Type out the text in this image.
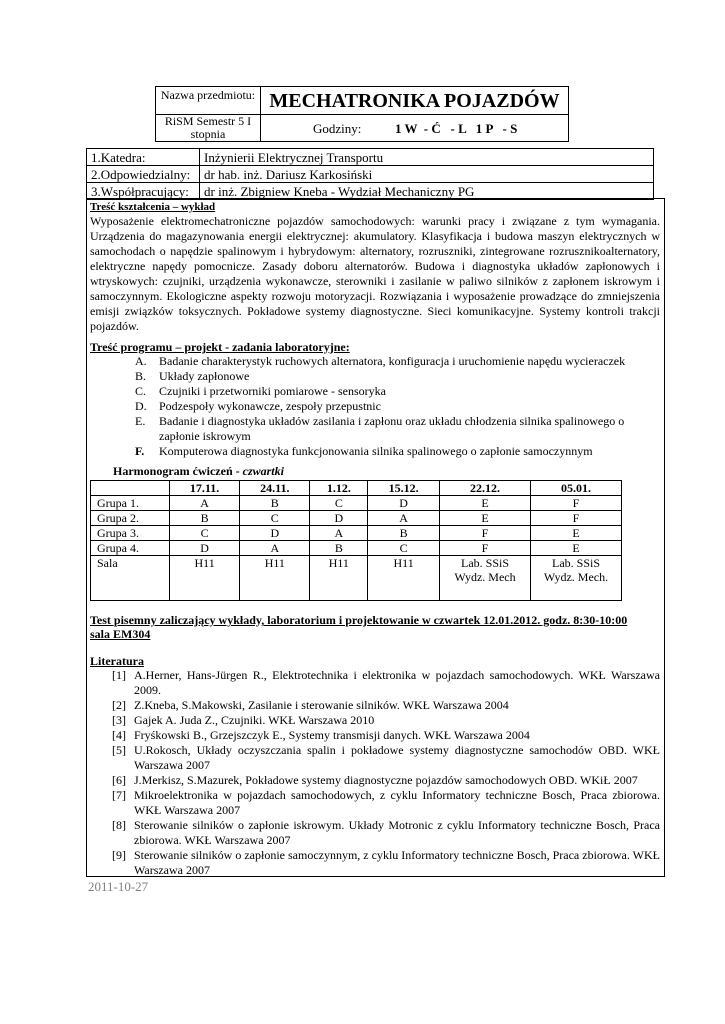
Nazwa przedmiotu: MECHATRONIKA POJAZDÓW
RiSM Semestr 5 I stopnia	Godziny:	1 W  - Ć   - L   1 P   - S
1.Katedra:	Inżynierii Elektrycznej Transportu
2.Odpowiedzialny:	dr hab. inż. Dariusz Karkosiński
3.Współpracujący:	dr inż. Zbigniew Kneba - Wydział Mechaniczny PG
Treść kształcenia – wykład
Wyposażenie elektromechatroniczne pojazdów samochodowych: warunki pracy i związane z tym wymagania. Urządzenia do magazynowania energii elektrycznej: akumulatory. Klasyfikacja i budowa maszyn elektrycznych w samochodach o napędzie spalinowym i hybrydowym: alternatory, rozruszniki, zintegrowane rozrusznikoalternatory, elektryczne napędy pomocnicze. Zasady doboru alternatorów. Budowa i diagnostyka układów zapłonowych i wtryskowych: czujniki, urządzenia wykonawcze, sterowniki i zasilanie w paliwo silników z zapłonem iskrowym i samoczynnym. Ekologiczne aspekty rozwoju motoryzacji. Rozwiązania i wyposażenie prowadzące do zmniejszenia emisji związków toksycznych. Pokładowe systemy diagnostyczne. Sieci komunikacyjne. Systemy kontroli trakcji pojazdów.
Treść programu – projekt - zadania laboratoryjne:
A.	Badanie charakterystyk ruchowych alternatora, konfiguracja i uruchomienie napędu wycieraczek
B.	Układy zapłonowe
C.	Czujniki i przetworniki pomiarowe - sensoryka
D.	Podzespoły wykonawcze, zespoły przepustnic
E.	Badanie i diagnostyka układów zasilania i zapłonu oraz układu chłodzenia silnika spalinowego o zapłonie iskrowym
F.	Komputerowa diagnostyka funkcjonowania silnika spalinowego o zapłonie samoczynnym
Harmonogram ćwiczeń - czwartki
	17.11.	24.11.	1.12.	15.12.	22.12.	05.01.
Grupa 1.	A	B	C	D	E	F
Grupa 2.	B	C	D	A	E	F
Grupa 3.	C	D	A	B	F	E
Grupa 4.	D	A	B	C	F	E
Sala	H11	H11	H11	H11	Lab. SSiS Wydz. Mech	Lab. SSiS Wydz. Mech.
Test pisemny zaliczający wykłady, laboratorium i projektowanie w czwartek 12.01.2012. godz. 8:30-10:00
sala EM304
Literatura
[1] A.Herner, Hans-Jürgen R., Elektrotechnika i elektronika w pojazdach samochodowych. WKŁ Warszawa 2009.
[2] Z.Kneba, S.Makowski, Zasilanie i sterowanie silników. WKŁ Warszawa 2004
[3] Gajek A. Juda Z., Czujniki. WKŁ Warszawa 2010
[4] Fryśkowski B., Grzejszczyk E., Systemy transmisji danych. WKŁ Warszawa 2004
[5] U.Rokosch, Układy oczyszczania spalin i pokładowe systemy diagnostyczne samochodów OBD. WKŁ Warszawa 2007
[6] J.Merkisz, S.Mazurek, Pokładowe systemy diagnostyczne pojazdów samochodowych OBD. WKiŁ 2007
[7] Mikroelektronika w pojazdach samochodowych, z cyklu Informatory techniczne Bosch, Praca zbiorowa. WKŁ Warszawa 2007
[8] Sterowanie silników o zapłonie iskrowym. Układy Motronic z cyklu Informatory techniczne Bosch, Praca zbiorowa. WKŁ Warszawa 2007
[9] Sterowanie silników o zapłonie samoczynnym, z cyklu Informatory techniczne Bosch, Praca zbiorowa. WKŁ Warszawa 2007
2011-10-27
